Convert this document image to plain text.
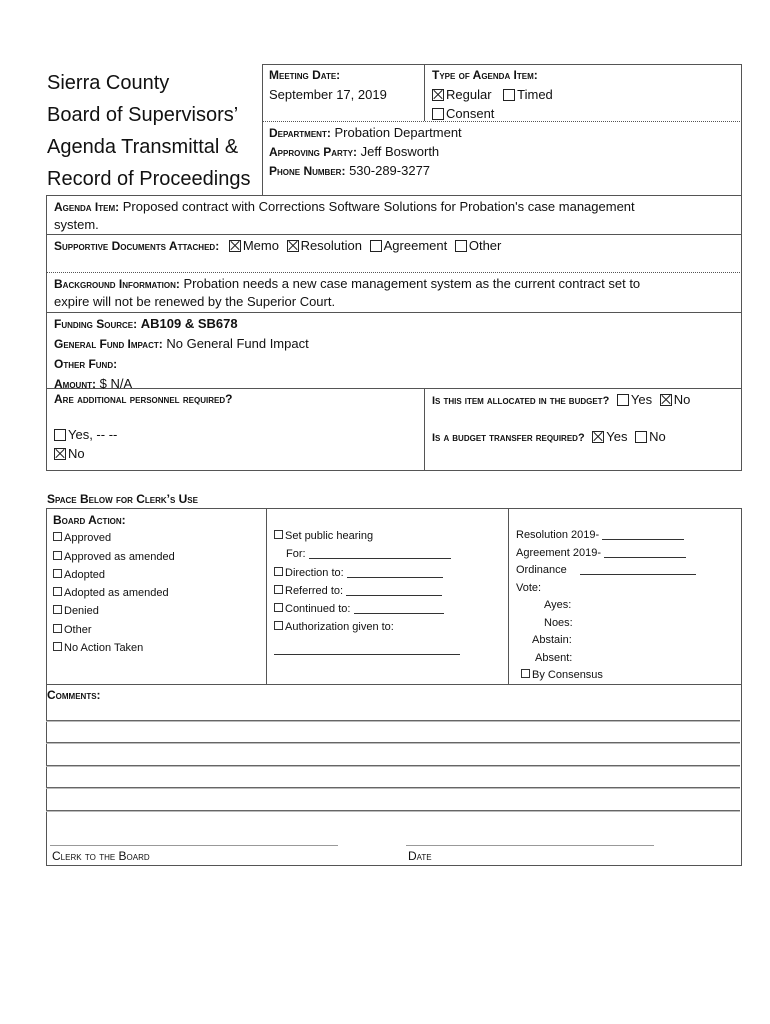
Sierra County
Board of Supervisors’
Agenda Transmittal &
Record of Proceedings
Meeting Date:
September 17, 2019
Type of Agenda Item:
Regular Timed
Consent
Department: Probation Department
Approving Party: Jeff Bosworth
Phone Number: 530-289-3277
Agenda Item: Proposed contract with Corrections Software Solutions for Probation's case management
system.
Supportive Documents Attached: Memo Resolution Agreement Other
Background Information: Probation needs a new case management system as the current contract set to
expire will not be renewed by the Superior Court.
Funding Source: AB109 & SB678
General Fund Impact: No General Fund Impact
Other Fund:
Amount: $ N/A
Are additional personnel required?
Yes, -- --
No
Is this item allocated in the budget? Yes No
Is a budget transfer required? Yes No
Space Below for Clerk’s Use
Board Action:
Approved
Approved as amended
Adopted
Adopted as amended
Denied
Other
No Action Taken
Set public hearing
For:
Direction to:
Referred to:
Continued to:
Authorization given to:
Resolution 2019-
Agreement 2019-
Ordinance
Vote:
Ayes:
Noes:
Abstain:
Absent:
By Consensus
Comments:
Clerk to the Board	Date
